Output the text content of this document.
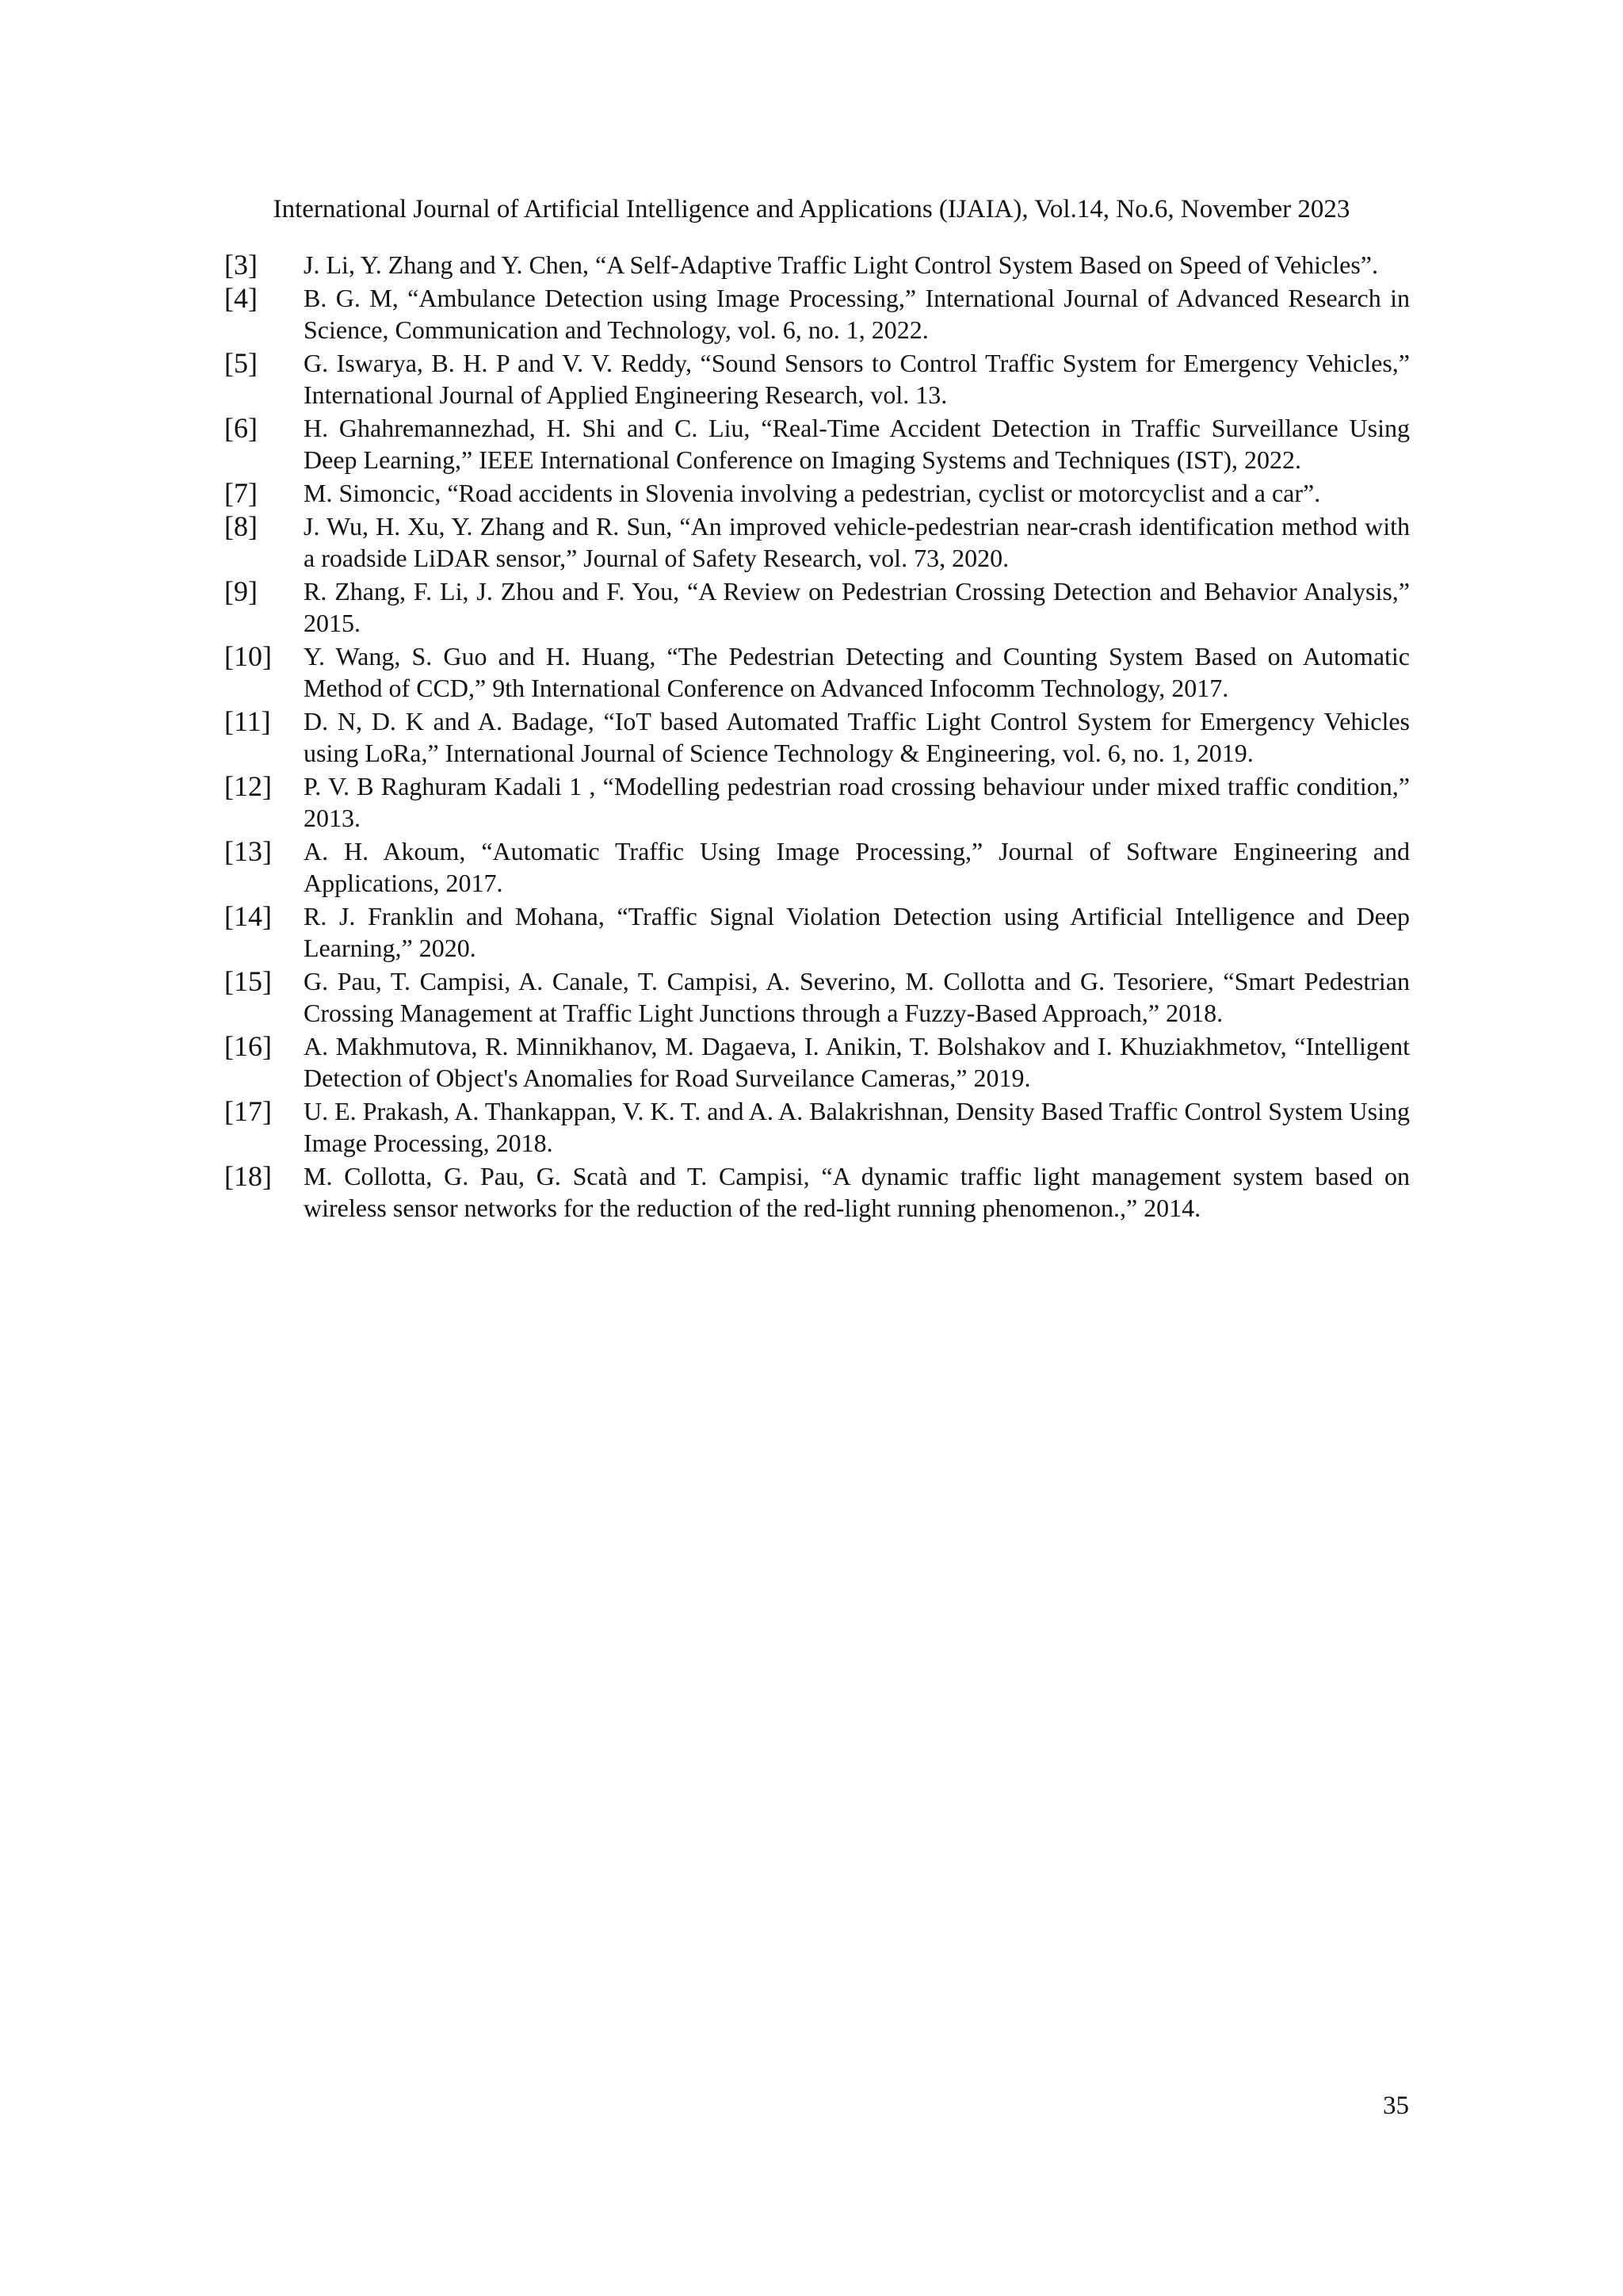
International Journal of Artificial Intelligence and Applications (IJAIA), Vol.14, No.6, November 2023
[3]	J. Li, Y. Zhang and Y. Chen, “A Self-Adaptive Traffic Light Control System Based on Speed of Vehicles”.
[4]	B. G. M, “Ambulance Detection using Image Processing,” International Journal of Advanced Research in Science, Communication and Technology, vol. 6, no. 1, 2022.
[5]	G. Iswarya, B. H. P and V. V. Reddy, “Sound Sensors to Control Traffic System for Emergency Vehicles,” International Journal of Applied Engineering Research, vol. 13.
[6]	H. Ghahremannezhad, H. Shi and C. Liu, “Real-Time Accident Detection in Traffic Surveillance Using Deep Learning,” IEEE International Conference on Imaging Systems and Techniques (IST), 2022.
[7]	M. Simoncic, “Road accidents in Slovenia involving a pedestrian, cyclist or motorcyclist and a car”.
[8]	J. Wu, H. Xu, Y. Zhang and R. Sun, “An improved vehicle-pedestrian near-crash identification method with a roadside LiDAR sensor,” Journal of Safety Research, vol. 73, 2020.
[9]	R. Zhang, F. Li, J. Zhou and F. You, “A Review on Pedestrian Crossing Detection and Behavior Analysis,” 2015.
[10]	Y. Wang, S. Guo and H. Huang, “The Pedestrian Detecting and Counting System Based on Automatic Method of CCD,” 9th International Conference on Advanced Infocomm Technology, 2017.
[11]	D. N, D. K and A. Badage, “IoT based Automated Traffic Light Control System for Emergency Vehicles using LoRa,” International Journal of Science Technology & Engineering, vol. 6, no. 1, 2019.
[12]	P. V. B Raghuram Kadali 1 , “Modelling pedestrian road crossing behaviour under mixed traffic condition,” 2013.
[13]	A. H. Akoum, “Automatic Traffic Using Image Processing,” Journal of Software Engineering and Applications, 2017.
[14]	R. J. Franklin and Mohana, “Traffic Signal Violation Detection using Artificial Intelligence and Deep Learning,” 2020.
[15]	G. Pau, T. Campisi, A. Canale, T. Campisi, A. Severino, M. Collotta and G. Tesoriere, “Smart Pedestrian Crossing Management at Traffic Light Junctions through a Fuzzy-Based Approach,” 2018.
[16]	A. Makhmutova, R. Minnikhanov, M. Dagaeva, I. Anikin, T. Bolshakov and I. Khuziakhmetov, “Intelligent Detection of Object's Anomalies for Road Surveilance Cameras,” 2019.
[17]	U. E. Prakash, A. Thankappan, V. K. T. and A. A. Balakrishnan, Density Based Traffic Control System Using Image Processing, 2018.
[18]	M. Collotta, G. Pau, G. Scatà and T. Campisi, “A dynamic traffic light management system based on wireless sensor networks for the reduction of the red-light running phenomenon.,” 2014.
35
